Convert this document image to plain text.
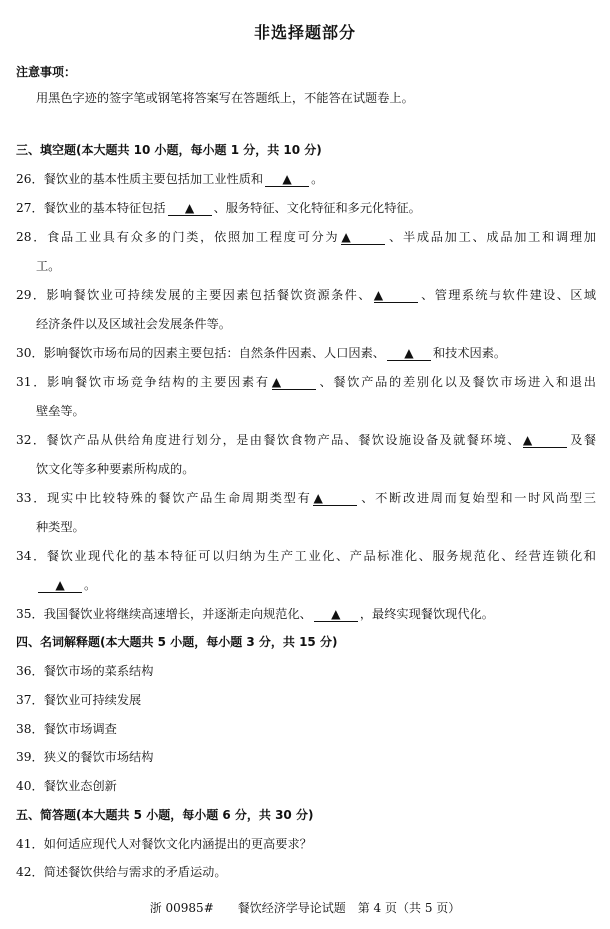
非选择题部分
注意事项：
用黑色字迹的签字笔或钢笔将答案写在答题纸上，不能答在试题卷上。
三、填空题(本大题共 10 小题，每小题 1 分，共 10 分)
26．餐饮业的基本性质主要包括加工业性质和 ▲ 。
27．餐饮业的基本特征包括 ▲ 、服务特征、文化特征和多元化特征。
28．食品工业具有众多的门类，依照加工程度可分为 ▲	、半成品加工、成品加工和调理加
工。
29．影响餐饮业可持续发展的主要因素包括餐饮资源条件、 ▲	、管理系统与软件建设、区域
经济条件以及区域社会发展条件等。
30．影响餐饮市场布局的因素主要包括：自然条件因素、人口因素、 ▲ 和技术因素。
31．影响餐饮市场竞争结构的主要因素有 ▲	、餐饮产品的差别化以及餐饮市场进入和退出
壁垒等。
32．餐饮产品从供给角度进行划分，是由餐饮食物产品、餐饮设施设备及就餐环境、 ▲	及餐
饮文化等多种要素所构成的。
33．现实中比较特殊的餐饮产品生命周期类型有 ▲	、不断改进周而复始型和一时风尚型三
种类型。
34．餐饮业现代化的基本特征可以归纳为生产工业化、产品标准化、服务规范化、经营连锁化和
▲ 。
35．我国餐饮业将继续高速增长，并逐渐走向规范化、 ▲ ，最终实现餐饮现代化。
四、名词解释题(本大题共 5 小题，每小题 3 分，共 15 分)
36．餐饮市场的菜系结构
37．餐饮业可持续发展
38．餐饮市场调查
39．狭义的餐饮市场结构
40．餐饮业态创新
五、简答题(本大题共 5 小题，每小题 6 分，共 30 分)
41．如何适应现代人对餐饮文化内涵提出的更高要求？
42．简述餐饮供给与需求的矛盾运动。
浙 00985#　　餐饮经济学导论试题　第 4 页（共 5 页）
